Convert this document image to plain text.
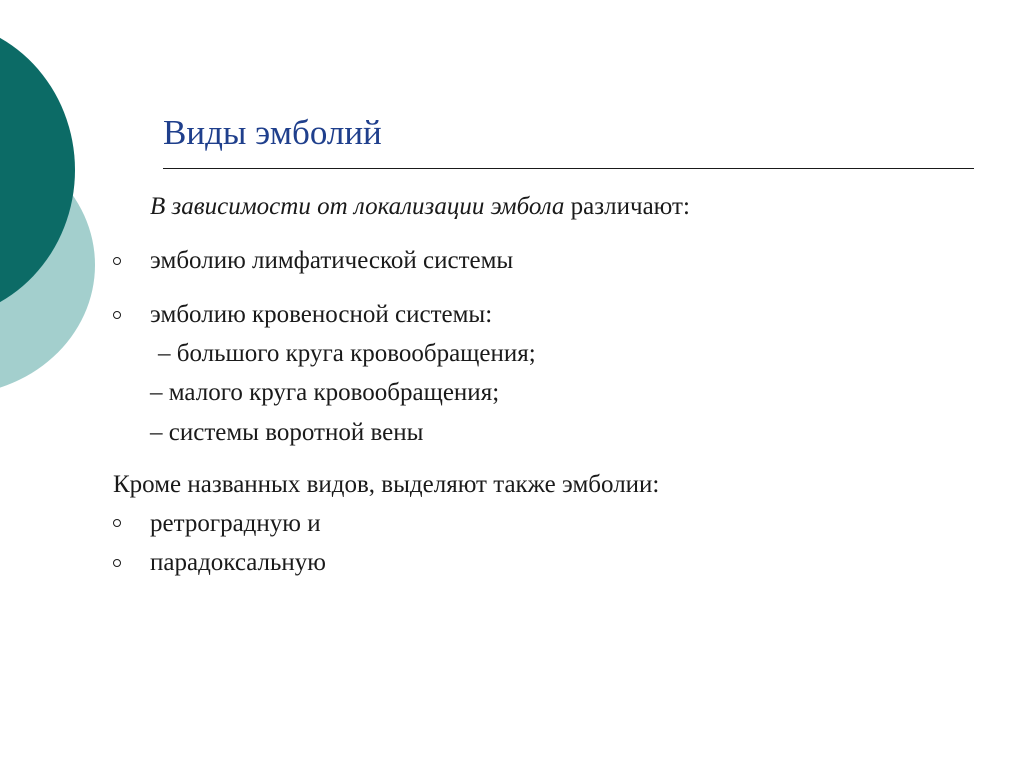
Виды эмболий
В зависимости от локализации эмбола различают:
эмболию лимфатической системы
эмболию кровеносной системы:
– большого круга кровообращения;
– малого круга кровообращения;
– системы воротной вены
Кроме названных видов, выделяют также эмболии:
ретроградную и
парадоксальную
